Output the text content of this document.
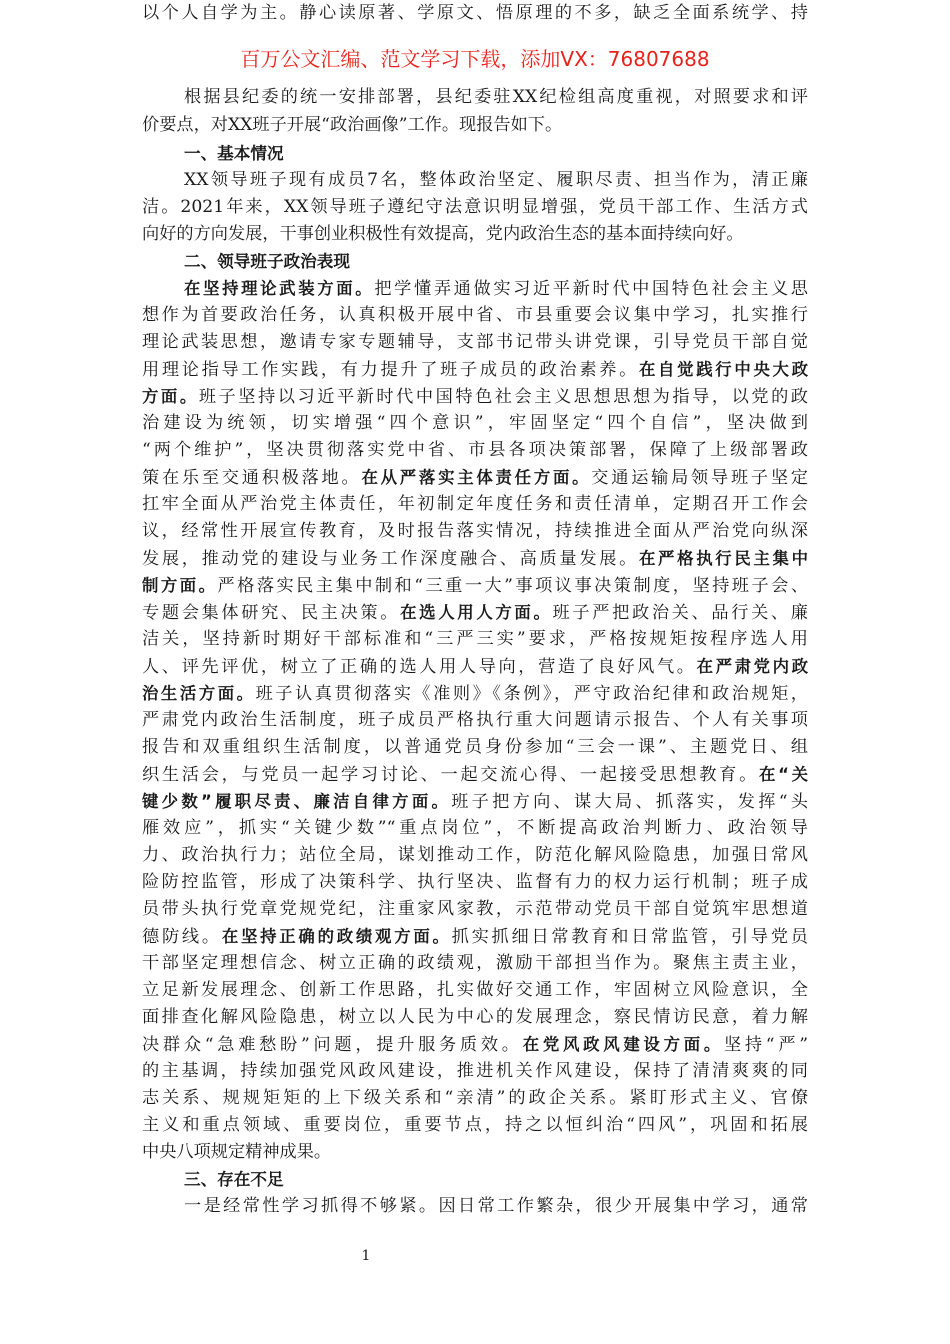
百万公文汇编、范文学习下载，添加VX：76807688
根据县纪委的统一安排部署，县纪委驻XX纪检组高度重视，对照要求和评
价要点，对XX班子开展“政治画像”工作。现报告如下。
一、基本情况
XX领导班子现有成员7名，整体政治坚定、履职尽责、担当作为，清正廉
洁。2021年来，XX领导班子遵纪守法意识明显增强，党员干部工作、生活方式
向好的方向发展，干事创业积极性有效提高，党内政治生态的基本面持续向好。
二、领导班子政治表现
在坚持理论武装方面。把学懂弄通做实习近平新时代中国特色社会主义思
想作为首要政治任务，认真积极开展中省、市县重要会议集中学习，扎实推行
理论武装思想，邀请专家专题辅导，支部书记带头讲党课，引导党员干部自觉
用理论指导工作实践，有力提升了班子成员的政治素养。在自觉践行中央大政
方面。班子坚持以习近平新时代中国特色社会主义思想思想为指导，以党的政
治建设为统领，切实增强“四个意识”，牢固坚定“四个自信”，坚决做到
“两个维护”，坚决贯彻落实党中省、市县各项决策部署，保障了上级部署政
策在乐至交通积极落地。在从严落实主体责任方面。交通运输局领导班子坚定
扛牢全面从严治党主体责任，年初制定年度任务和责任清单，定期召开工作会
议，经常性开展宣传教育，及时报告落实情况，持续推进全面从严治党向纵深
发展，推动党的建设与业务工作深度融合、高质量发展。在严格执行民主集中
制方面。严格落实民主集中制和“三重一大”事项议事决策制度，坚持班子会、
专题会集体研究、民主决策。在选人用人方面。班子严把政治关、品行关、廉
洁关，坚持新时期好干部标准和“三严三实”要求，严格按规矩按程序选人用
人、评先评优，树立了正确的选人用人导向，营造了良好风气。在严肃党内政
治生活方面。班子认真贯彻落实《准则》《条例》，严守政治纪律和政治规矩，
严肃党内政治生活制度，班子成员严格执行重大问题请示报告、个人有关事项
报告和双重组织生活制度，以普通党员身份参加“三会一课”、主题党日、组
织生活会，与党员一起学习讨论、一起交流心得、一起接受思想教育。在“关
键少数”履职尽责、廉洁自律方面。班子把方向、谋大局、抓落实，发挥“头
雁效应”，抓实“关键少数”“重点岗位”，不断提高政治判断力、政治领导
力、政治执行力；站位全局，谋划推动工作，防范化解风险隐患，加强日常风
险防控监管，形成了决策科学、执行坚决、监督有力的权力运行机制；班子成
员带头执行党章党规党纪，注重家风家教，示范带动党员干部自觉筑牢思想道
德防线。在坚持正确的政绩观方面。抓实抓细日常教育和日常监管，引导党员
干部坚定理想信念、树立正确的政绩观，激励干部担当作为。聚焦主责主业，
立足新发展理念、创新工作思路，扎实做好交通工作，牢固树立风险意识，全
面排查化解风险隐患，树立以人民为中心的发展理念，察民情访民意，着力解
决群众“急难愁盼”问题，提升服务质效。在党风政风建设方面。坚持“严”
的主基调，持续加强党风政风建设，推进机关作风建设，保持了清清爽爽的同
志关系、规规矩矩的上下级关系和“亲清”的政企关系。紧盯形式主义、官僚
主义和重点领域、重要岗位，重要节点，持之以恒纠治“四风”，巩固和拓展
中央八项规定精神成果。
三、存在不足
一是经常性学习抓得不够紧。因日常工作繁杂，很少开展集中学习，通常
以个人自学为主。静心读原著、学原文、悟原理的不多，缺乏全面系统学、持
1
